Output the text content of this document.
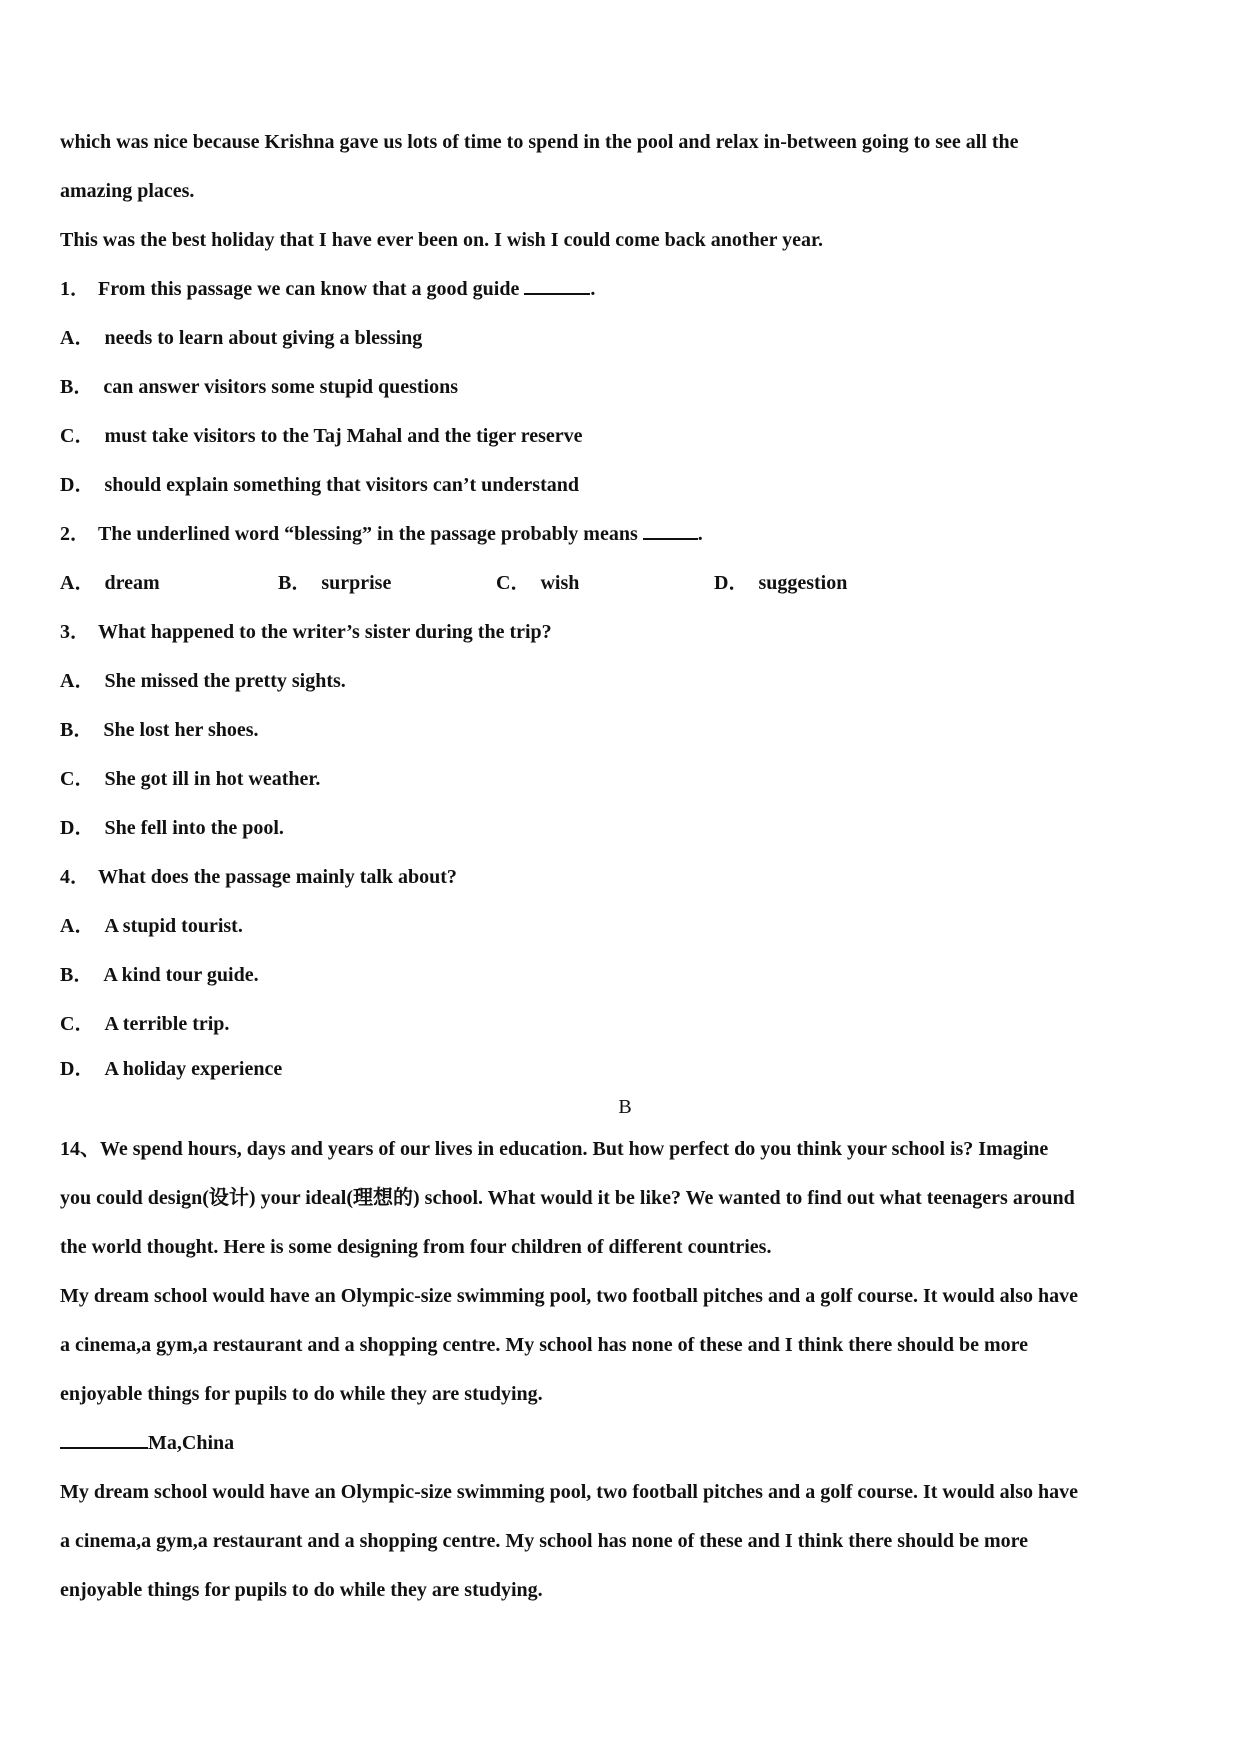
which was nice because Krishna gave us lots of time to spend in the pool and relax in-between going to see all the
amazing places.
This was the best holiday that I have ever been on. I wish I could come back another year.
1． From this passage we can know that a good guide	.
A． needs to learn about giving a blessing
B． can answer visitors some stupid questions
C． must take visitors to the Taj Mahal and the tiger reserve
D． should explain something that visitors can’t understand
2． The underlined word “blessing” in the passage probably means	.
A． dream	B． surprise	C． wish	D． suggestion
3． What happened to the writer’s sister during the trip?
A． She missed the pretty sights.
B． She lost her shoes.
C． She got ill in hot weather.
D． She fell into the pool.
4． What does the passage mainly talk about?
A． A stupid tourist.
B． A kind tour guide.
C． A terrible trip.
D． A holiday experience
B
14、We spend hours, days and years of our lives in education. But how perfect do you think your school is? Imagine
you could design(设计) your ideal(理想的) school. What would it be like? We wanted to find out what teenagers around
the world thought. Here is some designing from four children of different countries.
My dream school would have an Olympic-size swimming pool, two football pitches and a golf course. It would also have
a cinema,a gym,a restaurant and a shopping centre. My school has none of these and I think there should be more
enjoyable things for pupils to do while they are studying.
Ma,China
My dream school would have an Olympic-size swimming pool, two football pitches and a golf course. It would also have
a cinema,a gym,a restaurant and a shopping centre. My school has none of these and I think there should be more
enjoyable things for pupils to do while they are studying.
